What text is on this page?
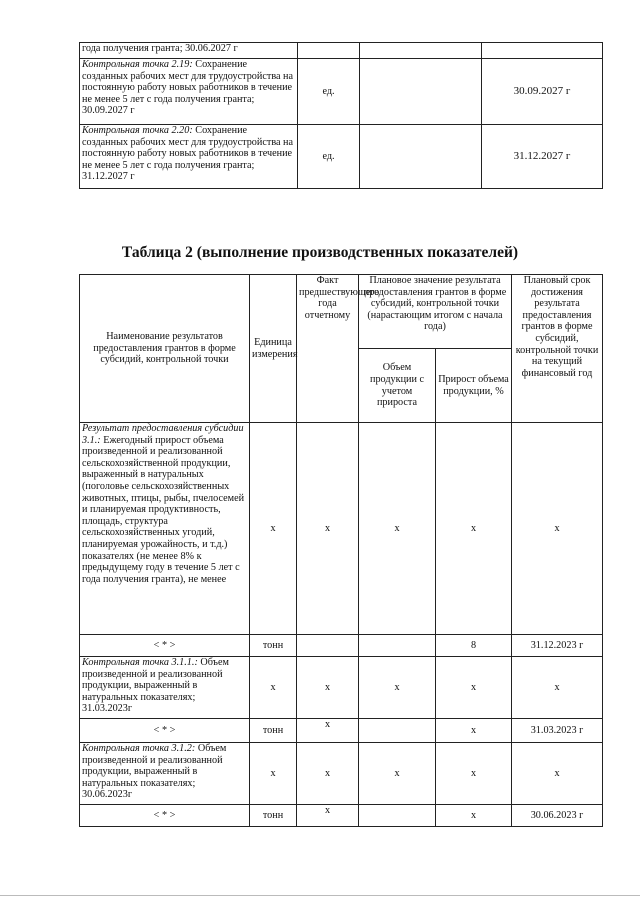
года получения гранта; 30.06.2027 г			
Контрольная точка 2.19: Сохранение созданных рабочих мест для трудоустройства на постоянную работу новых работников в течение не менее 5 лет с года получения гранта; 30.09.2027 г	ед.		30.09.2027 г
Контрольная точка 2.20: Сохранение созданных рабочих мест для трудоустройства на постоянную работу новых работников в течение не менее 5 лет с года получения гранта; 31.12.2027 г	ед.		31.12.2027 г
Таблица 2 (выполнение производственных показателей)
Наименование результатов предоставления грантов в форме субсидий, контрольной точки	Единица измерения	Факт предшествующего года отчетному	Плановое значение результата предоставления грантов в форме субсидий, контрольной точки (нарастающим итогом с начала года)		Плановый срок достижения результата предоставления грантов в форме субсидий, контрольной точки на текущий финансовый год
			Объем продукции с учетом прироста	Прирост объема продукции, %	
Результат предоставления субсидии 3.1.: Ежегодный прирост объема произведенной и реализованной сельскохозяйственной продукции, выраженный в натуральных (поголовье сельскохозяйственных животных, птицы, рыбы, пчелосемей и планируемая продуктивность, площадь, структура сельскохозяйственных угодий, планируемая урожайность, и т.д.) показателях (не менее 8% к предыдущему году в течение 5 лет с года получения гранта), не менее	x	x	x	x	x
< * >	тонн			8	31.12.2023 г
Контрольная точка 3.1.1.: Объем произведенной и реализованной продукции, выраженный в натуральных показателях; 31.03.2023г	x	x	x	x	x
< * >	тонн	x		x	31.03.2023 г
Контрольная точка 3.1.2: Объем произведенной и реализованной продукции, выраженный в натуральных показателях; 30.06.2023г	x	x	x	x	x
< * >	тонн	x		x	30.06.2023 г
